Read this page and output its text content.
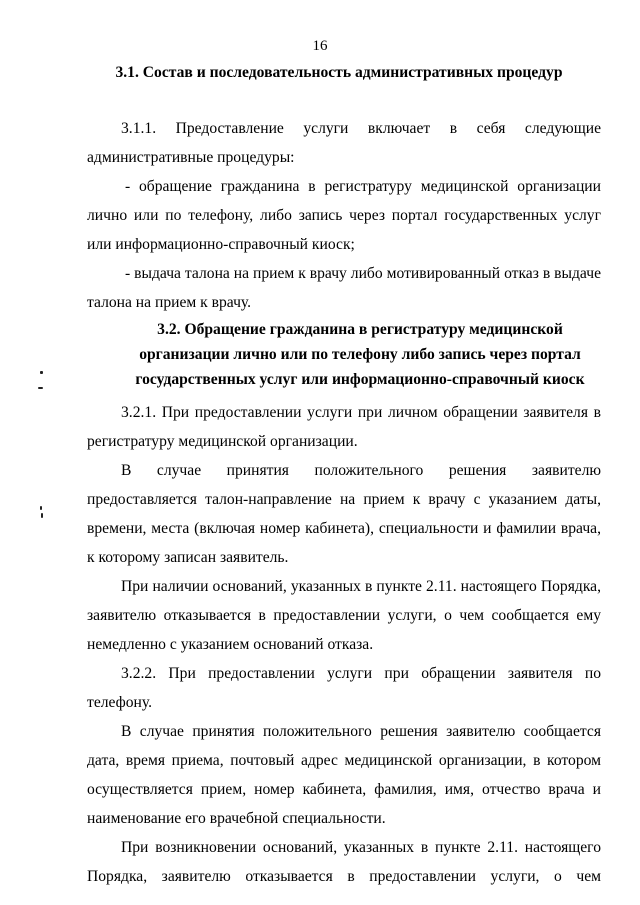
16
3.1. Состав и последовательность административных процедур

3.1.1. Предоставление услуги включает в себя следующие административные процедуры:

- обращение гражданина в регистратуру медицинской организации лично или по телефону, либо запись через портал государственных услуг или информационно-справочный киоск;

- выдача талона на прием к врачу либо мотивированный отказ в выдаче талона на прием к врачу.

3.2. Обращение гражданина в регистратуру медицинской организации лично или по телефону либо запись через портал государственных услуг или информационно-справочный киоск

3.2.1. При предоставлении услуги при личном обращении заявителя в регистратуру медицинской организации.

В случае принятия положительного решения заявителю предоставляется талон-направление на прием к врачу с указанием даты, времени, места (включая номер кабинета), специальности и фамилии врача, к которому записан заявитель.

При наличии оснований, указанных в пункте 2.11. настоящего Порядка, заявителю отказывается в предоставлении услуги, о чем сообщается ему немедленно с указанием оснований отказа.

3.2.2. При предоставлении услуги при обращении заявителя по телефону.

В случае принятия положительного решения заявителю сообщается дата, время приема, почтовый адрес медицинской организации, в котором осуществляется прием, номер кабинета, фамилия, имя, отчество врача и наименование его врачебной специальности.

При возникновении оснований, указанных в пункте 2.11. настоящего Порядка, заявителю отказывается в предоставлении услуги, о чем
